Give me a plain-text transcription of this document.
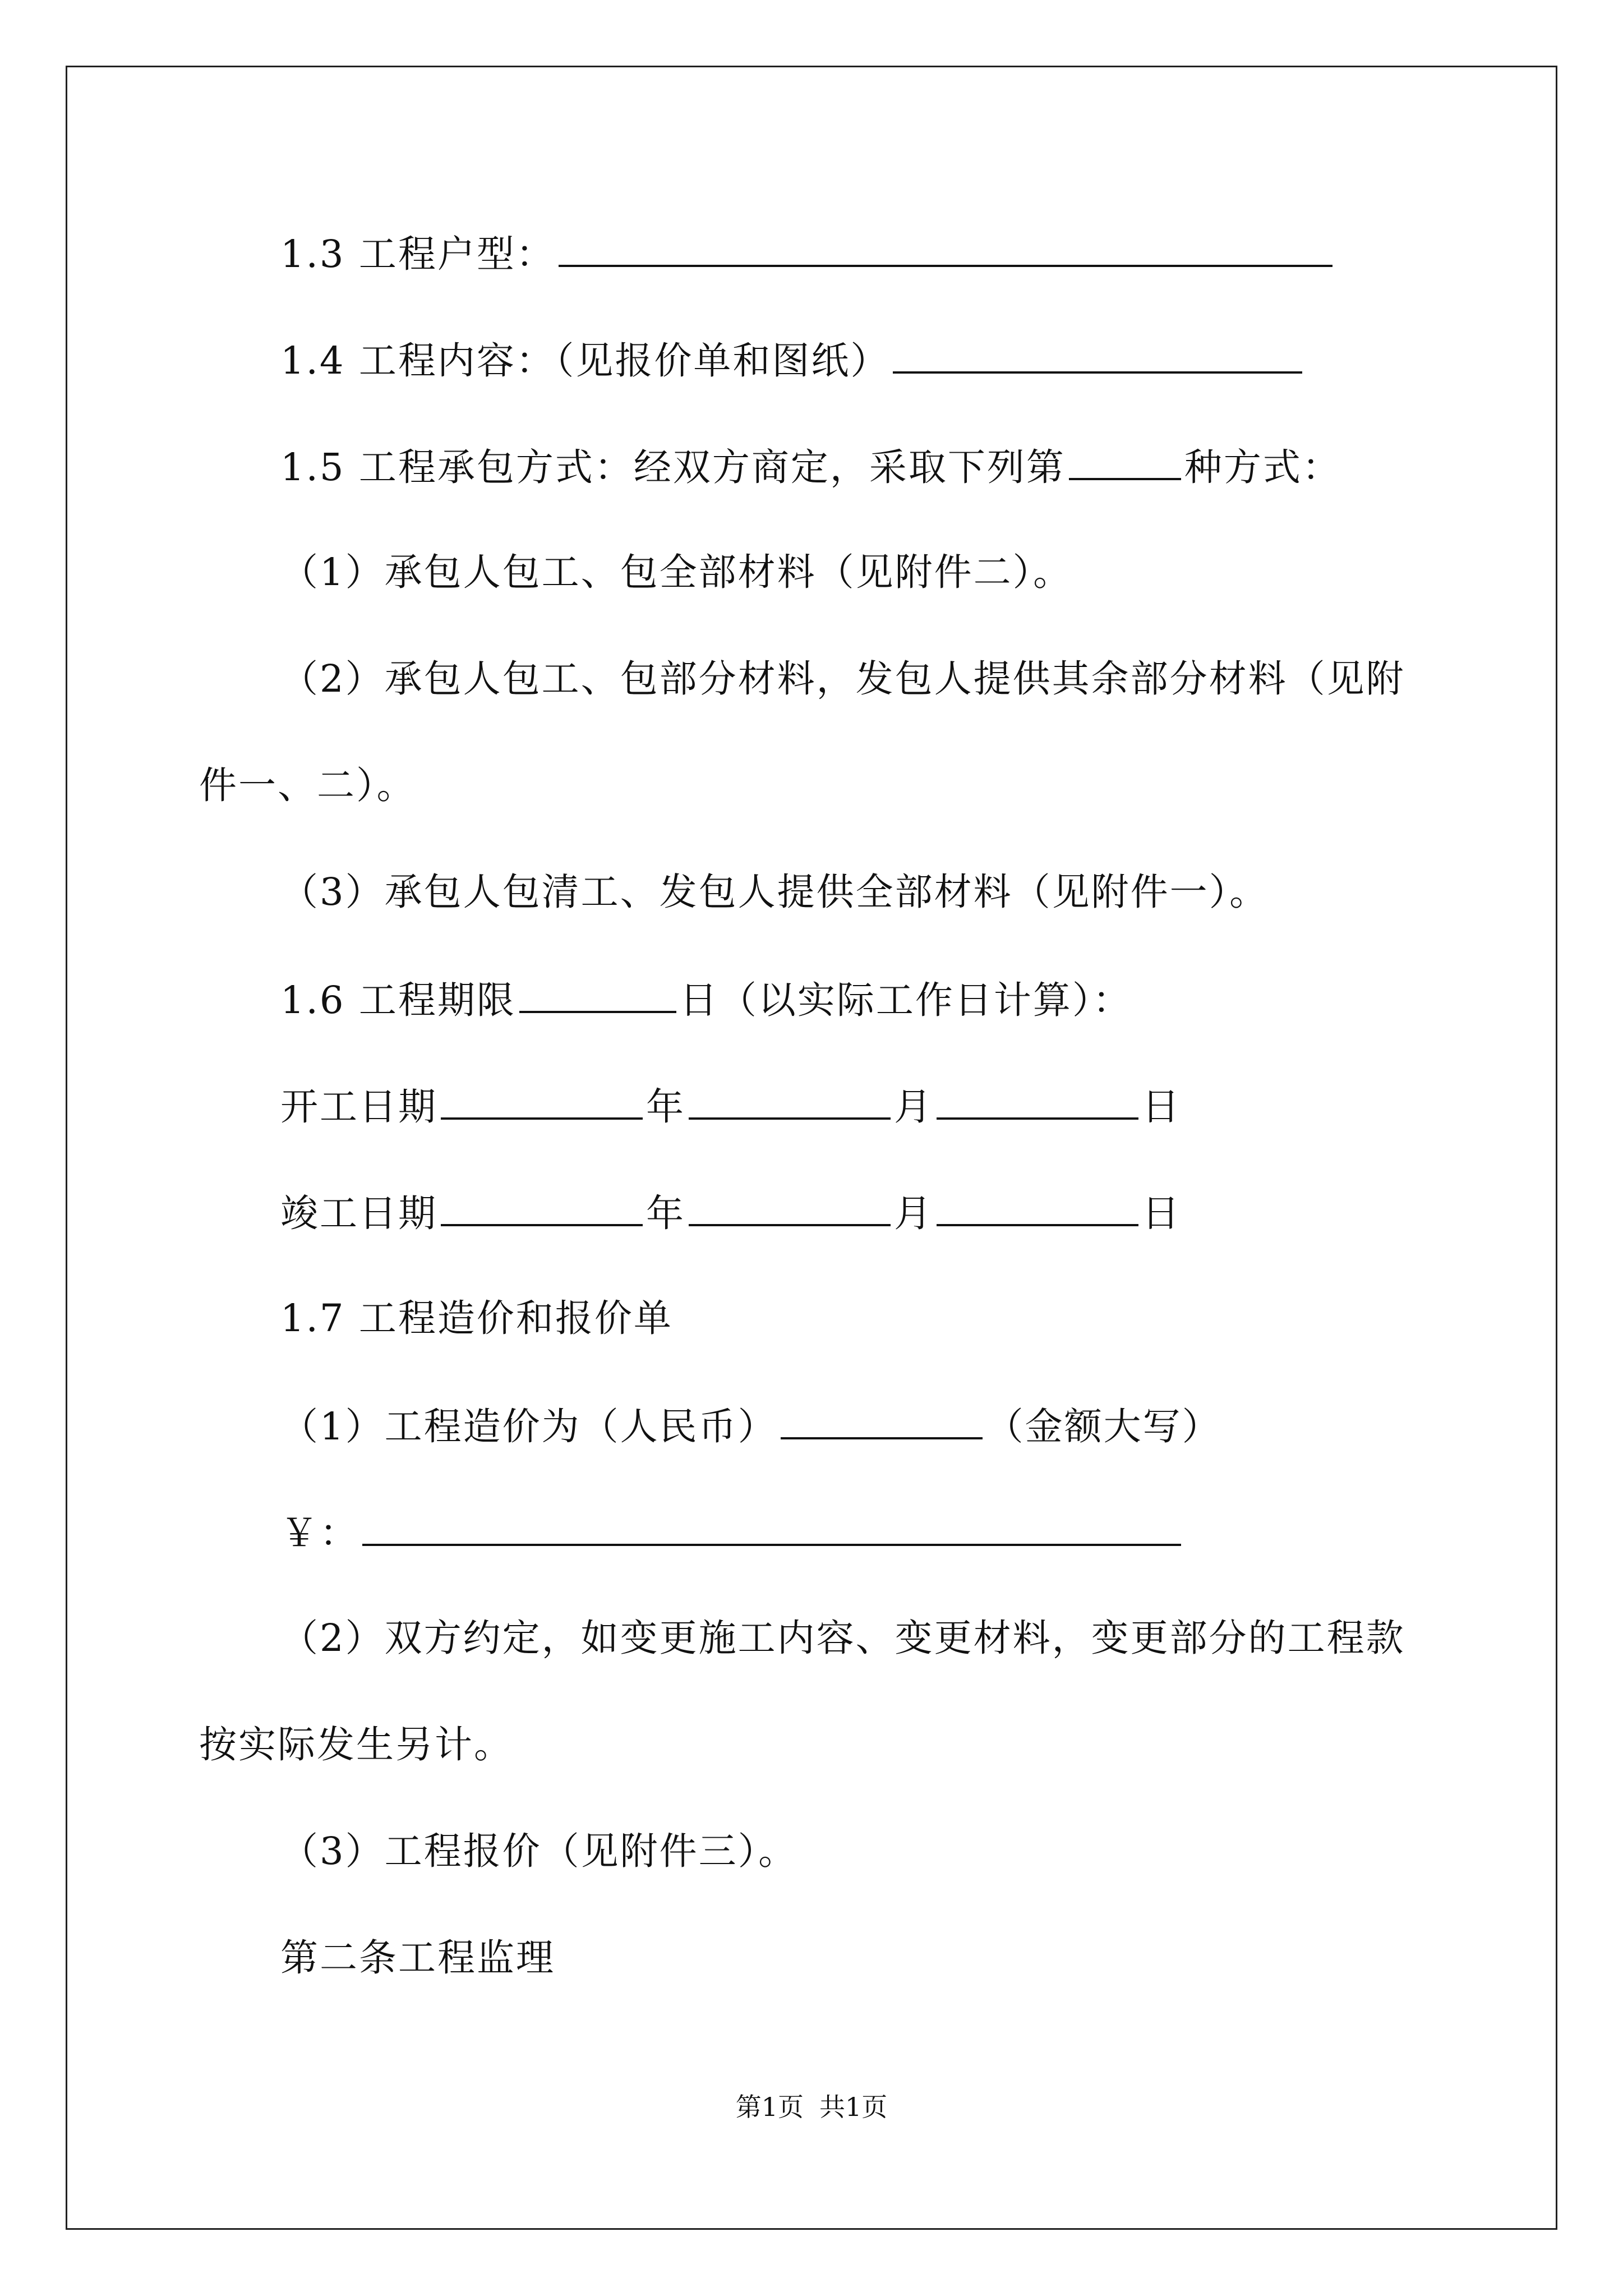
1.3 工程户型：
1.4 工程内容：（见报价单和图纸）
1.5 工程承包方式：经双方商定，采取下列第	种方式：
（1）承包人包工、包全部材料（见附件二）。
（2）承包人包工、包部分材料，发包人提供其余部分材料（见附
件一、二）。
（3）承包人包清工、发包人提供全部材料（见附件一）。
1.6 工程期限	日（以实际工作日计算）：
开工日期	年	月	日
竣工日期	年	月	日
1.7 工程造价和报价单
（1）工程造价为（人民币）	（金额大写）
￥：
（2）双方约定，如变更施工内容、变更材料，变更部分的工程款
按实际发生另计。
（3）工程报价（见附件三）。
第二条工程监理
第1页 共1页
